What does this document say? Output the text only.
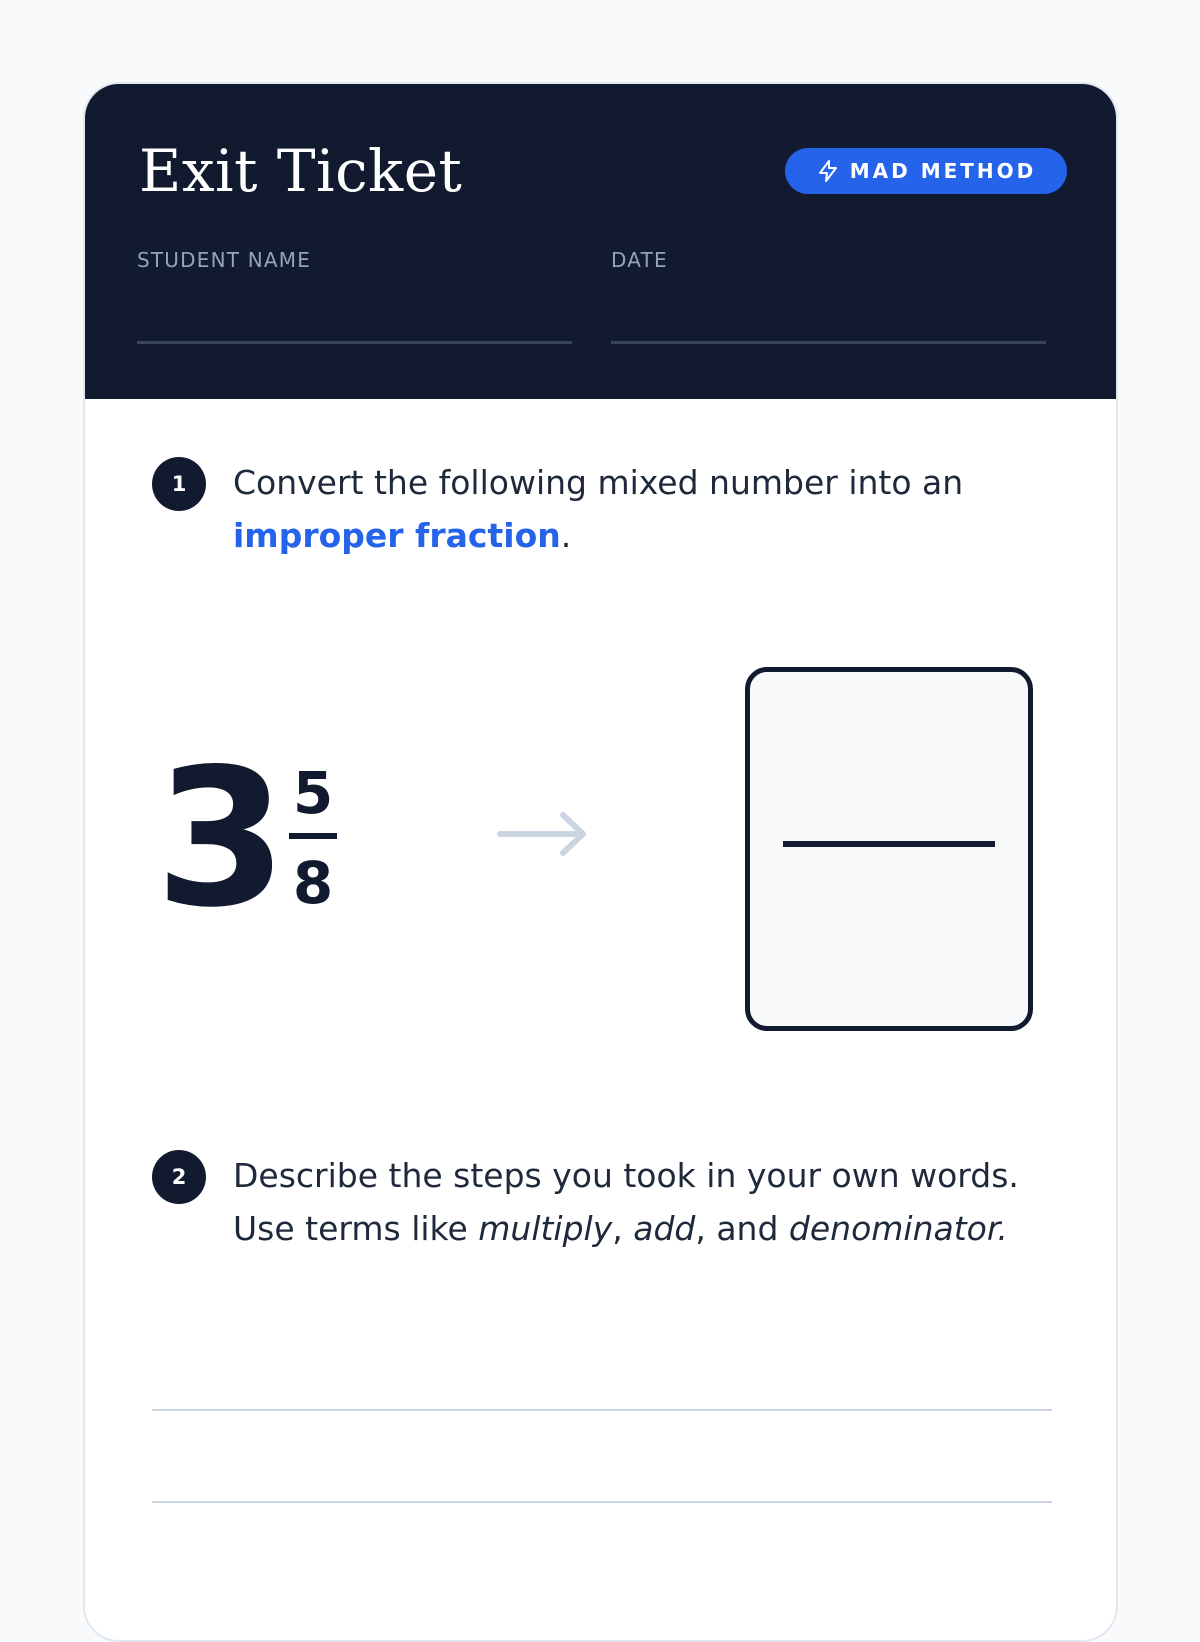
Exit Ticket	MAD METHOD
STUDENT NAME	DATE
1	Convert the following mixed number into an improper fraction.

3 5
8
2	Describe the steps you took in your own words. Use terms like multiply, add, and denominator.
